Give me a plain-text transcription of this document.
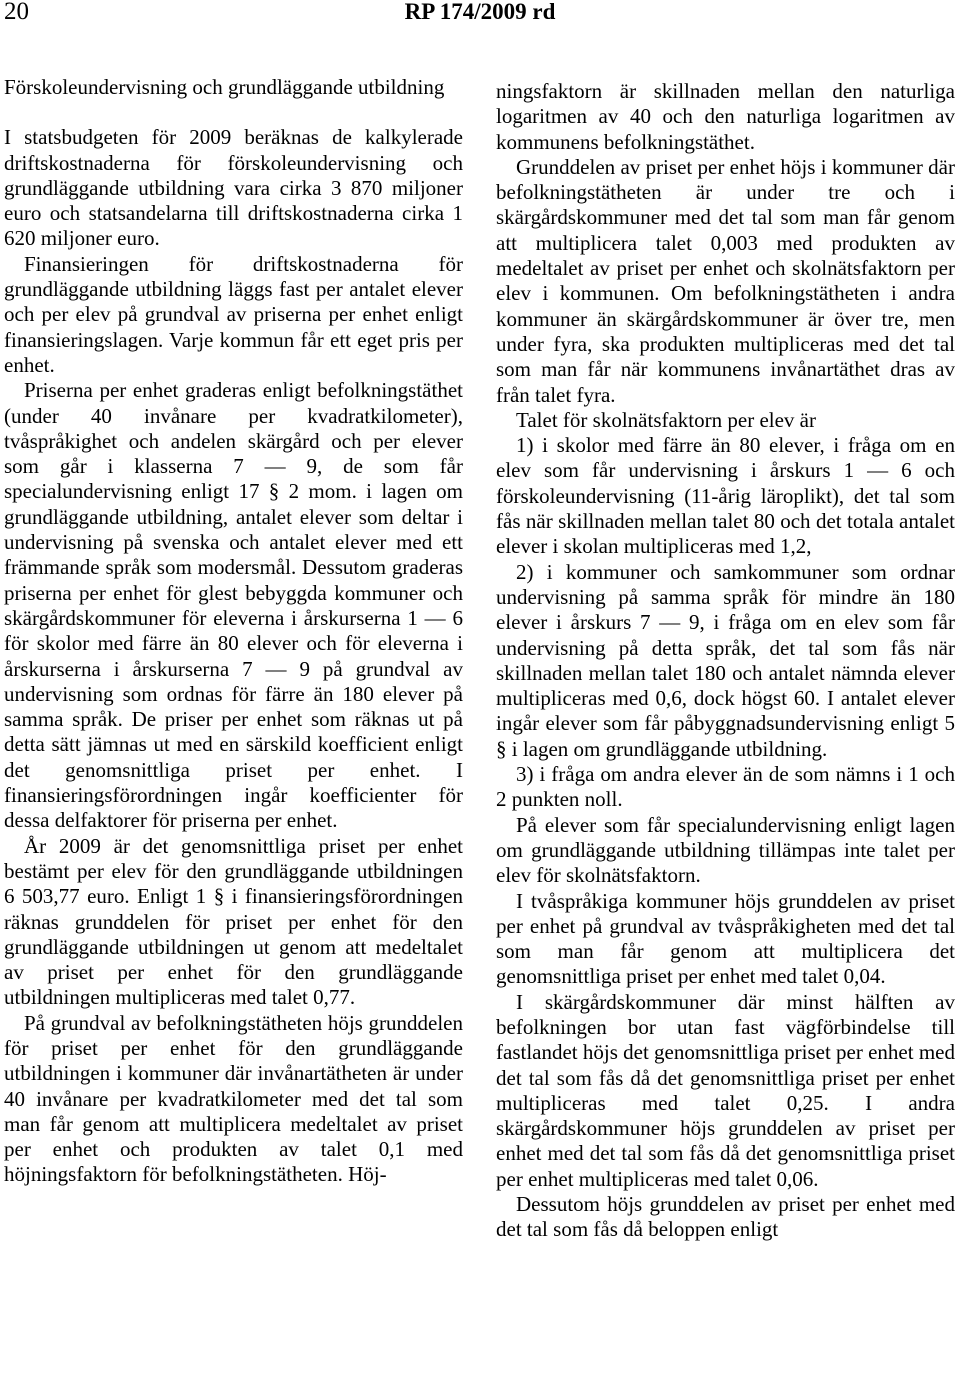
20	RP 174/2009 rd

Förskoleundervisning och grundläggande utbildning

I statsbudgeten för 2009 beräknas de kalkylerade driftskostnaderna för förskoleundervisning och grundläggande utbildning vara cirka 3 870 miljoner euro och statsandelarna till driftskostnaderna cirka 1 620 miljoner euro.

Finansieringen för driftskostnaderna för grundläggande utbildning läggs fast per antalet elever och per elev på grundval av priserna per enhet enligt finansieringslagen. Varje kommun får ett eget pris per enhet.

Priserna per enhet graderas enligt befolkningstäthet (under 40 invånare per kvadratkilometer), tvåspråkighet och andelen skärgård och per elever som går i klasserna 7 — 9, de som får specialundervisning enligt 17 § 2 mom. i lagen om grundläggande utbildning, antalet elever som deltar i undervisning på svenska och antalet elever med ett främmande språk som modersmål. Dessutom graderas priserna per enhet för glest bebyggda kommuner och skärgårdskommuner för eleverna i årskurserna 1 — 6 för skolor med färre än 80 elever och för eleverna i årskurserna i årskurserna 7 — 9 på grundval av undervisning som ordnas för färre än 180 elever på samma språk. De priser per enhet som räknas ut på detta sätt jämnas ut med en särskild koefficient enligt det genomsnittliga priset per enhet. I finansieringsförordningen ingår koefficienter för dessa delfaktorer för priserna per enhet.

År 2009 är det genomsnittliga priset per enhet bestämt per elev för den grundläggande utbildningen 6 503,77 euro. Enligt 1 § i finansieringsförordningen räknas grunddelen för priset per enhet för den grundläggande utbildningen ut genom att medeltalet av priset per enhet för den grundläggande utbildningen multipliceras med talet 0,77.

På grundval av befolkningstätheten höjs grunddelen för priset per enhet för den grundläggande utbildningen i kommuner där invånartätheten är under 40 invånare per kvadratkilometer med det tal som man får genom att multiplicera medeltalet av priset per enhet och produkten av talet 0,1 med höjningsfaktorn för befolkningstätheten. Höj-

ningsfaktorn är skillnaden mellan den naturliga logaritmen av 40 och den naturliga logaritmen av kommunens befolkningstäthet.

Grunddelen av priset per enhet höjs i kommuner där befolkningstätheten är under tre och i skärgårdskommuner med det tal som man får genom att multiplicera talet 0,003 med produkten av medeltalet av priset per enhet och skolnätsfaktorn per elev i kommunen. Om befolkningstätheten i andra kommuner än skärgårdskommuner är över tre, men under fyra, ska produkten multipliceras med det tal som man får när kommunens invånartäthet dras av från talet fyra.

Talet för skolnätsfaktorn per elev är

1) i skolor med färre än 80 elever, i fråga om en elev som får undervisning i årskurs 1 — 6 och förskoleundervisning (11-årig läroplikt), det tal som fås när skillnaden mellan talet 80 och det totala antalet elever i skolan multipliceras med 1,2,

2) i kommuner och samkommuner som ordnar undervisning på samma språk för mindre än 180 elever i årskurs 7 — 9, i fråga om en elev som får undervisning på detta språk, det tal som fås när skillnaden mellan talet 180 och antalet nämnda elever multipliceras med 0,6, dock högst 60. I antalet elever ingår elever som får påbyggnadsundervisning enligt 5 § i lagen om grundläggande utbildning.

3) i fråga om andra elever än de som nämns i 1 och 2 punkten noll.

På elever som får specialundervisning enligt lagen om grundläggande utbildning tillämpas inte talet per elev för skolnätsfaktorn.

I tvåspråkiga kommuner höjs grunddelen av priset per enhet på grundval av tvåspråkigheten med det tal som man får genom att multiplicera det genomsnittliga priset per enhet med talet 0,04.

I skärgårdskommuner där minst hälften av befolkningen bor utan fast vägförbindelse till fastlandet höjs det genomsnittliga priset per enhet med det tal som fås då det genomsnittliga priset per enhet multipliceras med talet 0,25. I andra skärgårdskommuner höjs grunddelen av priset per enhet med det tal som fås då det genomsnittliga priset per enhet multipliceras med talet 0,06.

Dessutom höjs grunddelen av priset per enhet med det tal som fås då beloppen enligt
